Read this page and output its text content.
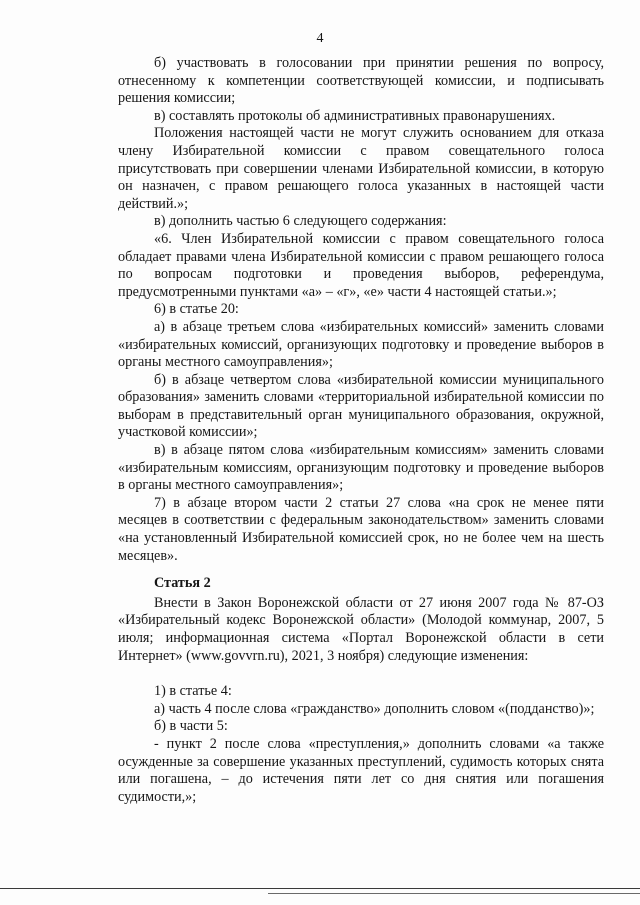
4

б) участвовать в голосовании при принятии решения по вопросу, отнесенному к компетенции соответствующей комиссии, и подписывать решения комиссии;

в) составлять протоколы об административных правонарушениях.

Положения настоящей части не могут служить основанием для отказа члену Избирательной комиссии с правом совещательного голоса присутствовать при совершении членами Избирательной комиссии, в которую он назначен, с правом решающего голоса указанных в настоящей части действий.»;

в) дополнить частью 6 следующего содержания:

«6. Член Избирательной комиссии с правом совещательного голоса обладает правами члена Избирательной комиссии с правом решающего голоса по вопросам подготовки и проведения выборов, референдума, предусмотренными пунктами «а» – «г», «е» части 4 настоящей статьи.»;

6) в статье 20:

а) в абзаце третьем слова «избирательных комиссий» заменить словами «избирательных комиссий, организующих подготовку и проведение выборов в органы местного самоуправления»;

б) в абзаце четвертом слова «избирательной комиссии муниципального образования» заменить словами «территориальной избирательной комиссии по выборам в представительный орган муниципального образования, окружной, участковой комиссии»;

в) в абзаце пятом слова «избирательным комиссиям» заменить словами «избирательным комиссиям, организующим подготовку и проведение выборов в органы местного самоуправления»;

7) в абзаце втором части 2 статьи 27 слова «на срок не менее пяти месяцев в соответствии с федеральным законодательством» заменить словами «на установленный Избирательной комиссией срок, но не более чем на шесть месяцев».

Статья 2

Внести в Закон Воронежской области от 27 июня 2007 года № 87-ОЗ «Избирательный кодекс Воронежской области» (Молодой коммунар, 2007, 5 июля; информационная система «Портал Воронежской области в сети Интернет» (www.govvrn.ru), 2021, 3 ноября) следующие изменения:

1) в статье 4:

а) часть 4 после слова «гражданство» дополнить словом «(подданство)»;

б) в части 5:

- пункт 2 после слова «преступления,» дополнить словами «а также осужденные за совершение указанных преступлений, судимость которых снята или погашена, – до истечения пяти лет со дня снятия или погашения судимости,»;
